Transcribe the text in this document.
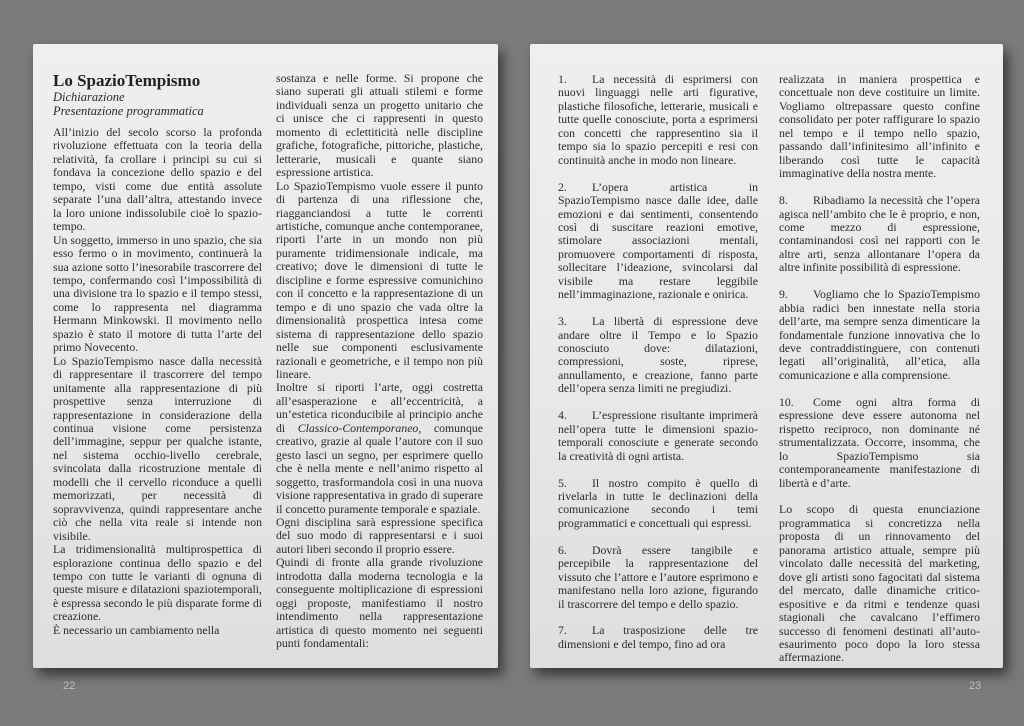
Lo SpazioTempismo
Dichiarazione
Presentazione programmatica

All’inizio del secolo scorso la profonda rivoluzione effettuata con la teoria della relatività, fa crollare i principi su cui si fondava la concezione dello spazio e del tempo, visti come due entità assolute separate l’una dall’altra, attestando invece la loro unione indissolubile cioè lo spazio-tempo.

Un soggetto, immerso in uno spazio, che sia esso fermo o in movimento, continuerà la sua azione sotto l’inesorabile trascorrere del tempo, confermando così l’impossibilità di una divisione tra lo spazio e il tempo stessi, come lo rappresenta nel diagramma Hermann Minkowski. Il movimento nello spazio è stato il motore di tutta l’arte del primo Novecento.

Lo SpazioTempismo nasce dalla necessità di rappresentare il trascorrere del tempo unitamente alla rappresentazione di più prospettive senza interruzione di rappresentazione in considerazione della continua visione come persistenza dell’immagine, seppur per qualche istante, nel sistema occhio-livello cerebrale, svincolata dalla ricostruzione mentale di modelli che il cervello riconduce a quelli memorizzati, per necessità di sopravvivenza, quindi rappresentare anche ciò che nella vita reale si intende non visibile.

La tridimensionalità multiprospettica di esplorazione continua dello spazio e del tempo con tutte le varianti di ognuna di queste misure e dilatazioni spaziotemporali, è espressa secondo le più disparate forme di creazione.

È necessario un cambiamento nella

sostanza e nelle forme. Si propone che siano superati gli attuali stilemi e forme individuali senza un progetto unitario che ci unisce che ci rappresenti in questo momento di eclettiticità nelle discipline grafiche, fotografiche, pittoriche, plastiche, letterarie, musicali e quante siano espressione artistica.

Lo SpazioTempismo vuole essere il punto di partenza di una riflessione che, riagganciandosi a tutte le correnti artistiche, comunque anche contemporanee, riporti l’arte in un mondo non più puramente tridimensionale indicale, ma creativo; dove le dimensioni di tutte le discipline e forme espressive comunichino con il concetto e la rappresentazione di un tempo e di uno spazio che vada oltre la dimensionalità prospettica intesa come sistema di rappresentazione dello spazio nelle sue componenti esclusivamente razionali e geometriche, e il tempo non più lineare.

Inoltre si riporti l’arte, oggi costretta all’esasperazione e all’eccentricità, a un’estetica riconducibile al principio anche di Classico-Contemporaneo, comunque creativo, grazie al quale l’autore con il suo gesto lasci un segno, per esprimere quello che è nella mente e nell’animo rispetto al soggetto, trasformandola così in una nuova visione rappresentativa in grado di superare il concetto puramente temporale e spaziale.

Ogni disciplina sarà espressione specifica del suo modo di rappresentarsi e i suoi autori liberi secondo il proprio essere.

Quindi di fronte alla grande rivoluzione introdotta dalla moderna tecnologia e la conseguente moltiplicazione di espressioni oggi proposte, manifestiamo il nostro intendimento nella rappresentazione artistica di questo momento nei seguenti punti fondamentali:

1. La necessità di esprimersi con nuovi linguaggi nelle arti figurative, plastiche filosofiche, letterarie, musicali e tutte quelle conosciute, porta a esprimersi con concetti che rappresentino sia il tempo sia lo spazio percepiti e resi con continuità anche in modo non lineare.

2. L’opera artistica in SpazioTempismo nasce dalle idee, dalle emozioni e dai sentimenti, consentendo così di suscitare reazioni emotive, stimolare associazioni mentali, promuovere comportamenti di risposta, sollecitare l’ideazione, svincolarsi dal visibile ma restare leggibile nell’immaginazione, razionale e onirica.

3. La libertà di espressione deve andare oltre il Tempo e lo Spazio conosciuto dove: dilatazioni, compressioni, soste, riprese, annullamento, e creazione, fanno parte dell’opera senza limiti ne pregiudizi.

4. L’espressione risultante imprimerà nell’opera tutte le dimensioni spazio-temporali conosciute e generate secondo la creatività di ogni artista.

5. Il nostro compito è quello di rivelarla in tutte le declinazioni della comunicazione secondo i temi programmatici e concettuali qui espressi.

6. Dovrà essere tangibile e percepibile la rappresentazione del vissuto che l’attore e l’autore esprimono e manifestano nella loro azione, figurando il trascorrere del tempo e dello spazio.

7. La trasposizione delle tre dimensioni e del tempo, fino ad ora

realizzata in maniera prospettica e concettuale non deve costituire un limite. Vogliamo oltrepassare questo confine consolidato per poter raffigurare lo spazio nel tempo e il tempo nello spazio, passando dall’infinitesimo all’infinito e liberando così tutte le capacità immaginative della nostra mente.

8. Ribadiamo la necessità che l’opera agisca nell’ambito che le è proprio, e non, come mezzo di espressione, contaminandosi così nei rapporti con le altre arti, senza allontanare l’opera da altre infinite possibilità di espressione.

9. Vogliamo che lo SpazioTempismo abbia radici ben innestate nella storia dell’arte, ma sempre senza dimenticare la fondamentale funzione innovativa che lo deve contraddistinguere, con contenuti legati all’originalità, all’etica, alla comunicazione e alla comprensione.

10. Come ogni altra forma di espressione deve essere autonoma nel rispetto reciproco, non dominante né strumentalizzata. Occorre, insomma, che lo SpazioTempismo sia contemporaneamente manifestazione di libertà e d’arte.

Lo scopo di questa enunciazione programmatica si concretizza nella proposta di un rinnovamento del panorama artistico attuale, sempre più vincolato dalle necessità del marketing, dove gli artisti sono fagocitati dal sistema del mercato, dalle dinamiche critico-espositive e da ritmi e tendenze quasi stagionali che cavalcano l’effimero successo di fenomeni destinati all’auto-esaurimento poco dopo la loro stessa affermazione.

22	23
